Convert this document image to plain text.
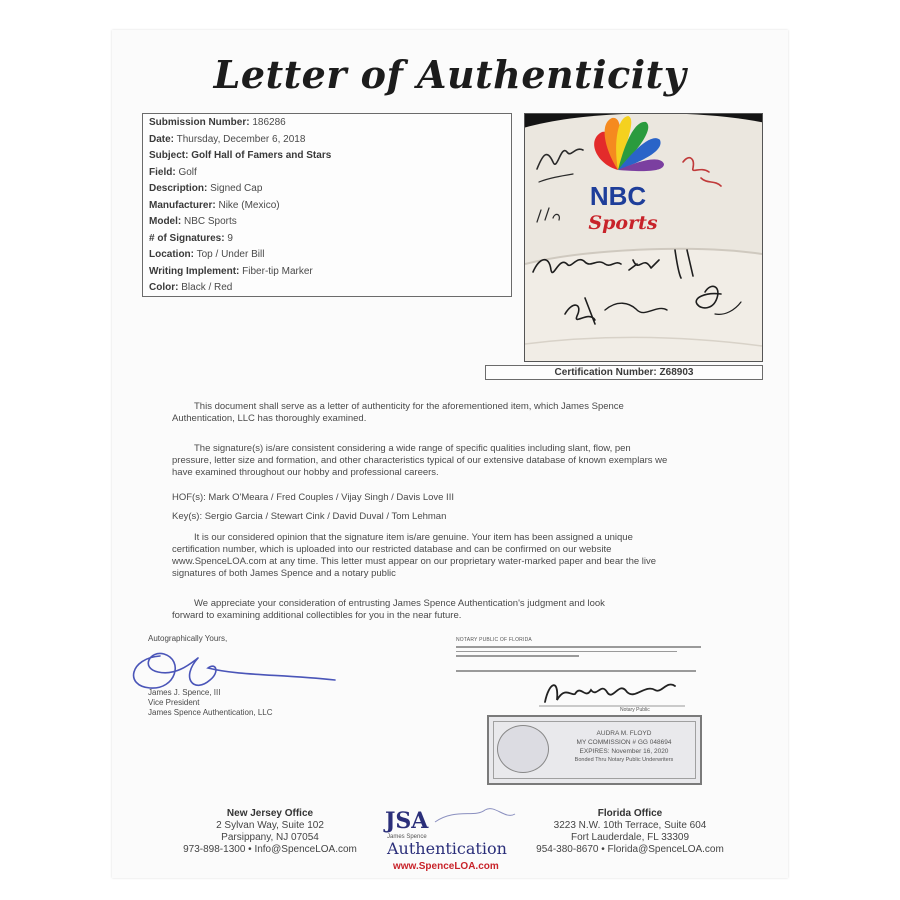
Letter of Authenticity
Submission Number: 186286
Date: Thursday, December 6, 2018
Subject: Golf Hall of Famers and Stars
Field: Golf
Description: Signed Cap
Manufacturer: Nike (Mexico)
Model: NBC Sports
# of Signatures: 9
Location: Top / Under Bill
Writing Implement: Fiber-tip Marker
Color: Black / Red
NBC
Sports
Certification Number: Z68903
This document shall serve as a letter of authenticity for the aforementioned item, which James Spence
Authentication, LLC has thoroughly examined.
The signature(s) is/are consistent considering a wide range of specific qualities including slant, flow, pen
pressure, letter size and formation, and other characteristics typical of our extensive database of known exemplars we
have examined throughout our hobby and professional careers.
HOF(s): Mark O'Meara / Fred Couples / Vijay Singh / Davis Love III
Key(s): Sergio Garcia / Stewart Cink / David Duval / Tom Lehman
It is our considered opinion that the signature item is/are genuine. Your item has been assigned a unique
certification number, which is uploaded into our restricted database and can be confirmed on our website
www.SpenceLOA.com at any time. This letter must appear on our proprietary water-marked paper and bear the live
signatures of both James Spence and a notary public
We appreciate your consideration of entrusting James Spence Authentication's judgment and look
forward to examining additional collectibles for you in the near future.
Autographically Yours,
James J. Spence, III
Vice President
James Spence Authentication, LLC
NOTARY PUBLIC OF FLORIDA
Notary Public
AUDRA M. FLOYD
MY COMMISSION # GG 048694
EXPIRES: November 16, 2020
Bonded Thru Notary Public Underwriters
New Jersey Office
2 Sylvan Way, Suite 102
Parsippany, NJ 07054
973-898-1300 • Info@SpenceLOA.com
JSA
James Spence
Authentication
www.SpenceLOA.com
Florida Office
3223 N.W. 10th Terrace, Suite 604
Fort Lauderdale, FL 33309
954-380-8670 • Florida@SpenceLOA.com
